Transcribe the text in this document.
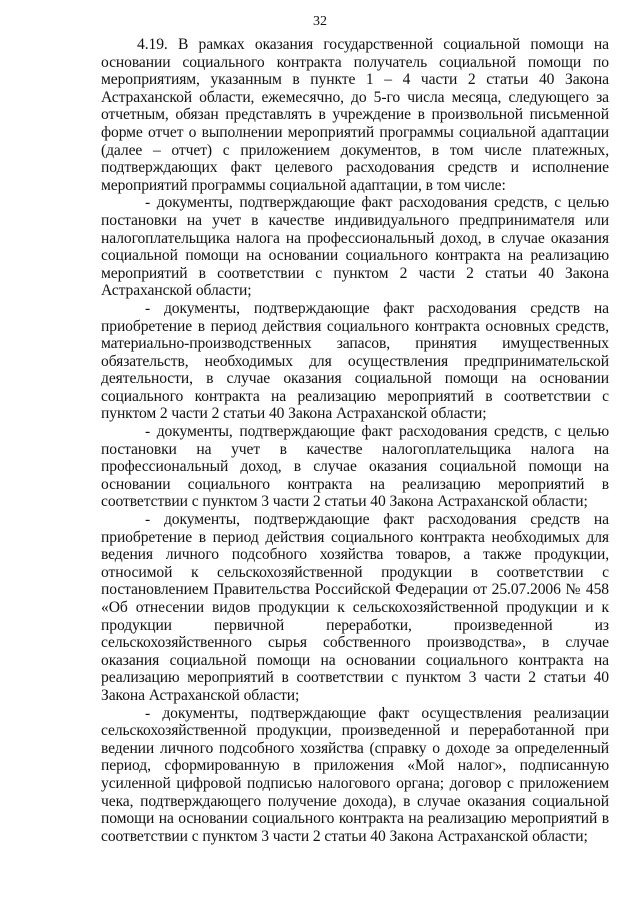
32

4.19. В рамках оказания государственной социальной помощи на основании социального контракта получатель социальной помощи по мероприятиям, указанным в пункте 1 – 4 части 2 статьи 40 Закона Астраханской области, ежемесячно, до 5-го числа месяца, следующего за отчетным, обязан представлять в учреждение в произвольной письменной форме отчет о выполнении мероприятий программы социальной адаптации (далее – отчет) с приложением документов, в том числе платежных, подтверждающих факт целевого расходования средств и исполнение мероприятий программы социальной адаптации, в том числе:

- документы, подтверждающие факт расходования средств, с целью постановки на учет в качестве индивидуального предпринимателя или налогоплательщика налога на профессиональный доход, в случае оказания социальной помощи на основании социального контракта на реализацию мероприятий в соответствии с пунктом 2 части 2 статьи 40 Закона Астраханской области;

- документы, подтверждающие факт расходования средств на приобретение в период действия социального контракта основных средств, материально-производственных запасов, принятия имущественных обязательств, необходимых для осуществления предпринимательской деятельности, в случае оказания социальной помощи на основании социального контракта на реализацию мероприятий в соответствии с пунктом 2 части 2 статьи 40 Закона Астраханской области;

- документы, подтверждающие факт расходования средств, с целью постановки на учет в качестве налогоплательщика налога на профессиональный доход, в случае оказания социальной помощи на основании социального контракта на реализацию мероприятий в соответствии с пунктом 3 части 2 статьи 40 Закона Астраханской области;

- документы, подтверждающие факт расходования средств на приобретение в период действия социального контракта необходимых для ведения личного подсобного хозяйства товаров, а также продукции, относимой к сельскохозяйственной продукции в соответствии с постановлением Правительства Российской Федерации от 25.07.2006 № 458 «Об отнесении видов продукции к сельскохозяйственной продукции и к продукции первичной переработки, произведенной из сельскохозяйственного сырья собственного производства», в случае оказания социальной помощи на основании социального контракта на реализацию мероприятий в соответствии с пунктом 3 части 2 статьи 40 Закона Астраханской области;

- документы, подтверждающие факт осуществления реализации сельскохозяйственной продукции, произведенной и переработанной при ведении личного подсобного хозяйства (справку о доходе за определенный период, сформированную в приложения «Мой налог», подписанную усиленной цифровой подписью налогового органа; договор с приложением чека, подтверждающего получение дохода), в случае оказания социальной помощи на основании социального контракта на реализацию мероприятий в соответствии с пунктом 3 части 2 статьи 40 Закона Астраханской области;
